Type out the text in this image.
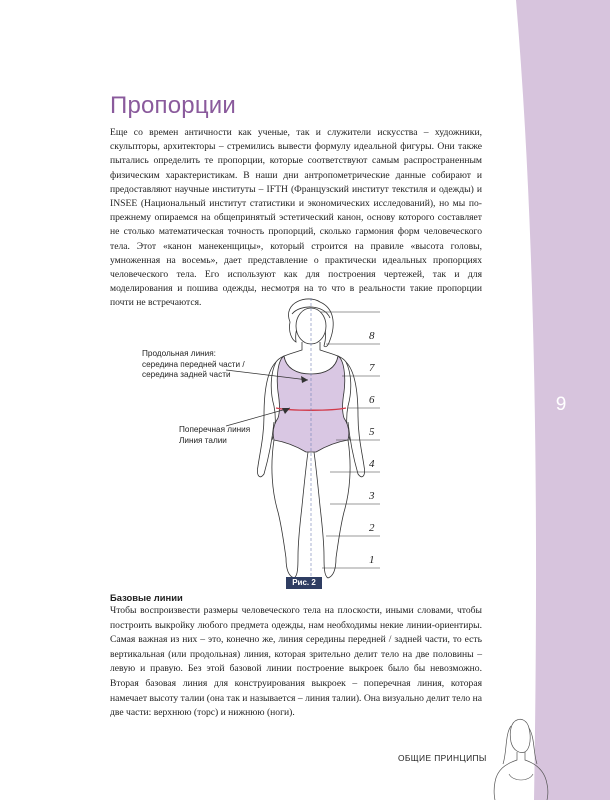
9
Пропорции

Еще со времен античности как ученые, так и служители искусства – художники, скульпторы, архитекторы – стремились вывести формулу идеальной фигуры. Они также пытались определить те пропорции, которые соответствуют самым распространенным физическим характеристикам. В наши дни антропометрические данные собирают и предоставляют научные институты – IFTH (Французский институт текстиля и одежды) и INSEE (Национальный институт статистики и экономических исследований), но мы по-прежнему опираемся на общепринятый эстетический канон, основу которого составляет не столько математическая точность пропорций, сколько гармония форм человеческого тела. Этот «канон манекенщицы», который строится на правиле «высота головы, умноженная на восемь», дает представление о практически идеальных пропорциях человеческого тела. Его используют как для построения чертежей, так и для моделирования и пошива одежды, несмотря на то что в реальности такие пропорции почти не встречаются.

Продольная линия:
середина передней части /
середина задней части
Поперечная линия
Линия талии
8
7
6
5
4
3
2
1
Рис. 2
Базовые линии

Чтобы воспроизвести размеры человеческого тела на плоскости, иными словами, чтобы построить выкройку любого предмета одежды, нам необходимы некие линии-ориентиры. Самая важная из них – это, конечно же, линия середины передней / задней части, то есть вертикальная (или продольная) линия, которая зрительно делит тело на две половины – левую и правую. Без этой базовой линии построение выкроек было бы невозможно. Вторая базовая линия для конструирования выкроек – поперечная линия, которая намечает высоту талии (она так и называется – линия талии). Она визуально делит тело на две части: верхнюю (торс) и нижнюю (ноги).

ОБЩИЕ ПРИНЦИПЫ
